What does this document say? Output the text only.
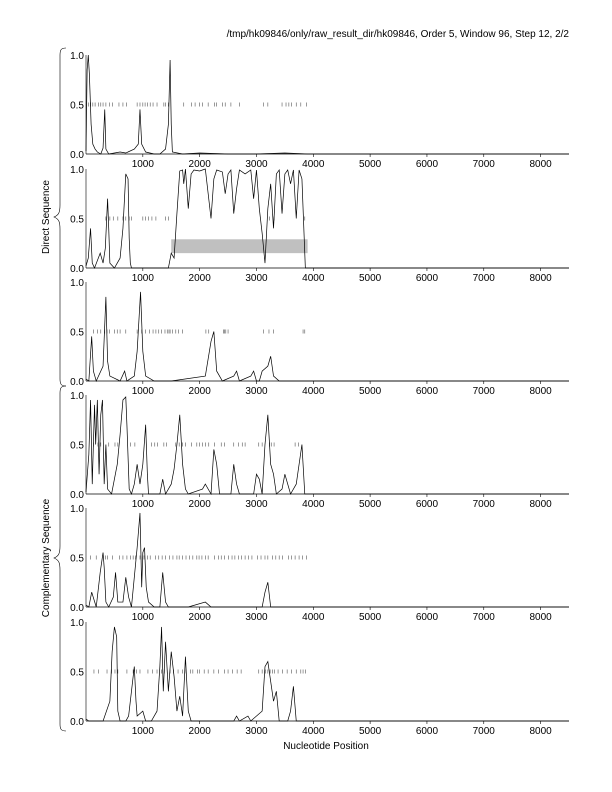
/tmp/hk09846/only/raw_result_dir/hk09846, Order 5, Window 96, Step 12, 2/2
1000	2000	3000	4000	5000	6000	7000	8000
0.0
0.5
1.0
1000	2000	3000	4000	5000	6000	7000	8000
0.0
0.5
1.0
1000	2000	3000	4000	5000	6000	7000	8000
0.0
0.5
1.0
1000	2000	3000	4000	5000	6000	7000	8000
0.0
0.5
1.0
1000	2000	3000	4000	5000	6000	7000	8000
0.0
0.5
1.0
1000	2000	3000	4000	5000	6000	7000	8000
0.0
0.5
1.0
Direct Sequence
Complementary Sequence
Nucleotide Position
